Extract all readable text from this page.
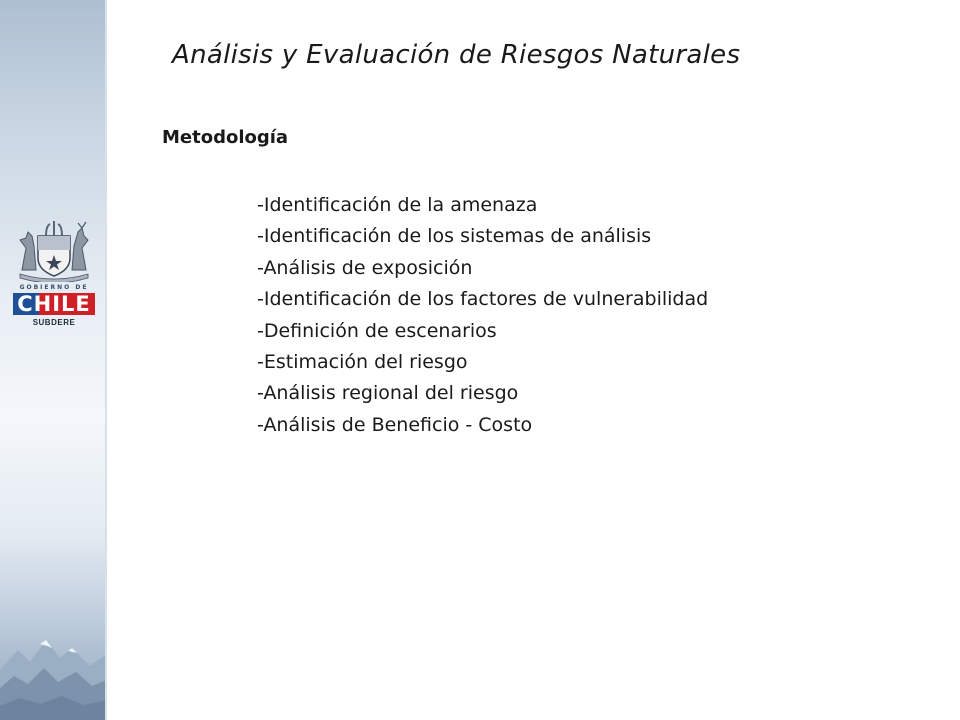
GOBIERNO DE
CHILE
SUBDERE
Análisis y Evaluación de Riesgos Naturales
Metodología
-Identificación de la amenaza
-Identificación de los sistemas de análisis
-Análisis de exposición
-Identificación de los factores de vulnerabilidad
-Definición de escenarios
-Estimación del riesgo
-Análisis regional del riesgo
-Análisis de Beneficio - Costo
